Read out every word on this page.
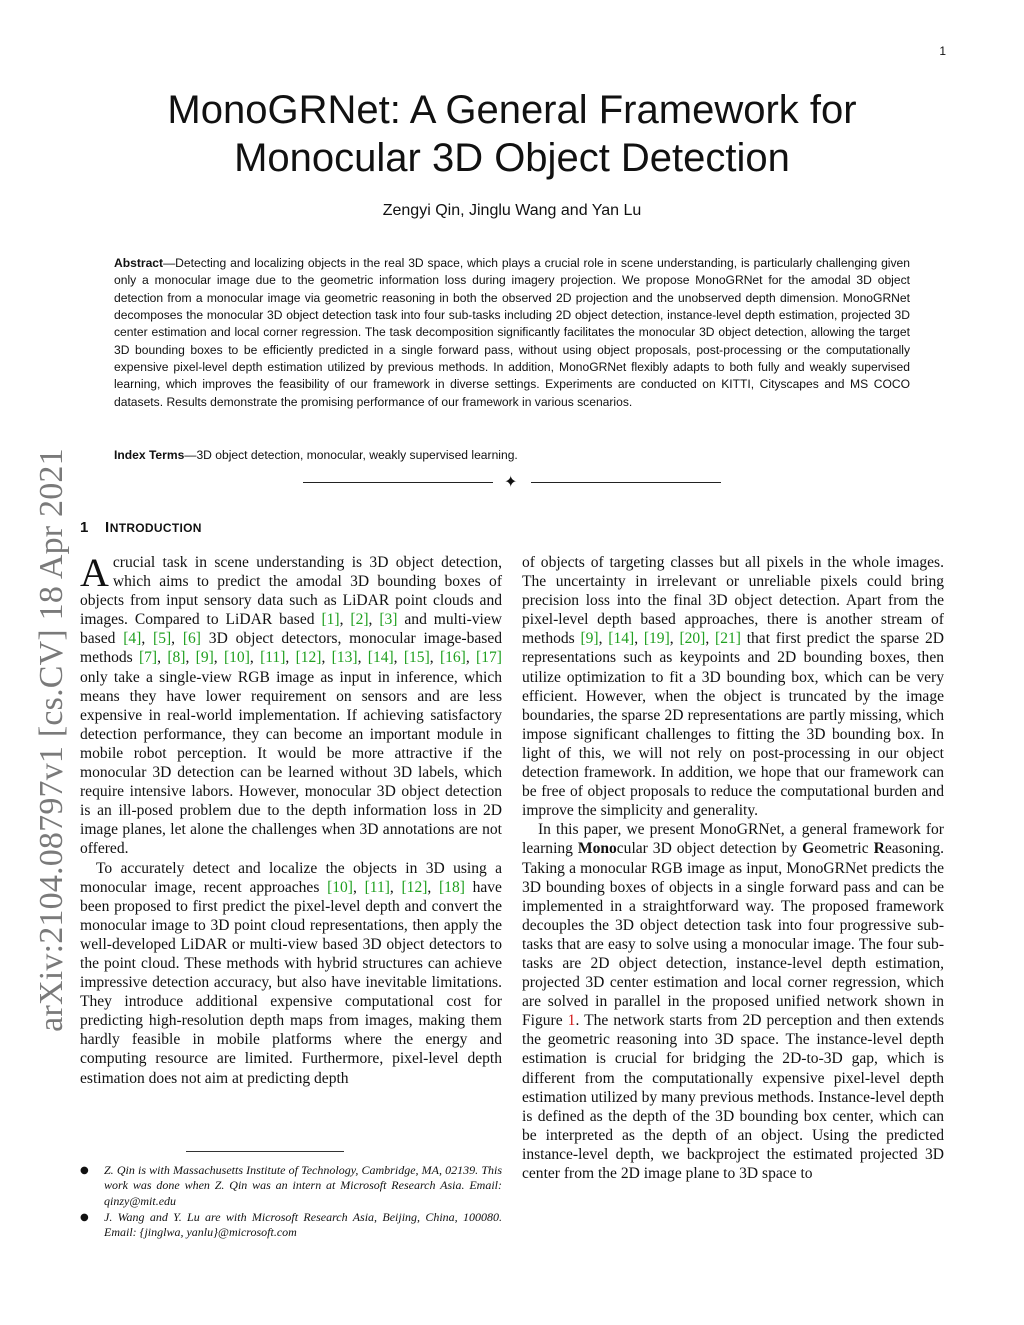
1
arXiv:2104.08797v1 [cs.CV] 18 Apr 2021
MonoGRNet: A General Framework for
Monocular 3D Object Detection
Zengyi Qin, Jinglu Wang and Yan Lu
Abstract—Detecting and localizing objects in the real 3D space, which plays a crucial role in scene understanding, is particularly challenging given only a monocular image due to the geometric information loss during imagery projection. We propose MonoGRNet for the amodal 3D object detection from a monocular image via geometric reasoning in both the observed 2D projection and the unobserved depth dimension. MonoGRNet decomposes the monocular 3D object detection task into four sub-tasks including 2D object detection, instance-level depth estimation, projected 3D center estimation and local corner regression. The task decomposition significantly facilitates the monocular 3D object detection, allowing the target 3D bounding boxes to be efficiently predicted in a single forward pass, without using object proposals, post-processing or the computationally expensive pixel-level depth estimation utilized by previous methods. In addition, MonoGRNet flexibly adapts to both fully and weakly supervised learning, which improves the feasibility of our framework in diverse settings. Experiments are conducted on KITTI, Cityscapes and MS COCO datasets. Results demonstrate the promising performance of our framework in various scenarios.
Index Terms—3D object detection, monocular, weakly supervised learning.
✦
1 INTRODUCTION

Acrucial task in scene understanding is 3D object detection, which aims to predict the amodal 3D bounding boxes of objects from input sensory data such as LiDAR point clouds and images. Compared to LiDAR based [1], [2], [3] and multi-view based [4], [5], [6] 3D object detectors, monocular image-based methods [7], [8], [9], [10], [11], [12], [13], [14], [15], [16], [17] only take a single-view RGB image as input in inference, which means they have lower requirement on sensors and are less expensive in real-world implementation. If achieving satisfactory detection performance, they can become an important module in mobile robot perception. It would be more attractive if the monocular 3D detection can be learned without 3D labels, which require intensive labors. However, monocular 3D object detection is an ill-posed problem due to the depth information loss in 2D image planes, let alone the challenges when 3D annotations are not offered.

To accurately detect and localize the objects in 3D using a monocular image, recent approaches [10], [11], [12], [18] have been proposed to first predict the pixel-level depth and convert the monocular image to 3D point cloud representations, then apply the well-developed LiDAR or multi-view based 3D object detectors to the point cloud. These methods with hybrid structures can achieve impressive detection accuracy, but also have inevitable limitations. They introduce additional expensive computational cost for predicting high-resolution depth maps from images, making them hardly feasible in mobile platforms where the energy and computing resource are limited. Furthermore, pixel-level depth estimation does not aim at predicting depth

● Z. Qin is with Massachusetts Institute of Technology, Cambridge, MA, 02139. This work was done when Z. Qin was an intern at Microsoft Research Asia. Email: qinzy@mit.edu
● J. Wang and Y. Lu are with Microsoft Research Asia, Beijing, China, 100080. Email: {jinglwa, yanlu}@microsoft.com

of objects of targeting classes but all pixels in the whole images. The uncertainty in irrelevant or unreliable pixels could bring precision loss into the final 3D object detection. Apart from the pixel-level depth based approaches, there is another stream of methods [9], [14], [19], [20], [21] that first predict the sparse 2D representations such as keypoints and 2D bounding boxes, then utilize optimization to fit a 3D bounding box, which can be very efficient. However, when the object is truncated by the image boundaries, the sparse 2D representations are partly missing, which impose significant challenges to fitting the 3D bounding box. In light of this, we will not rely on post-processing in our object detection framework. In addition, we hope that our framework can be free of object proposals to reduce the computational burden and improve the simplicity and generality.

In this paper, we present MonoGRNet, a general framework for learning Monocular 3D object detection by Geometric Reasoning. Taking a monocular RGB image as input, MonoGRNet predicts the 3D bounding boxes of objects in a single forward pass and can be implemented in a straightforward way. The proposed framework decouples the 3D object detection task into four progressive sub-tasks that are easy to solve using a monocular image. The four sub-tasks are 2D object detection, instance-level depth estimation, projected 3D center estimation and local corner regression, which are solved in parallel in the proposed unified network shown in Figure 1. The network starts from 2D perception and then extends the geometric reasoning into 3D space. The instance-level depth estimation is crucial for bridging the 2D-to-3D gap, which is different from the computationally expensive pixel-level depth estimation utilized by many previous methods. Instance-level depth is defined as the depth of the 3D bounding box center, which can be interpreted as the depth of an object. Using the predicted instance-level depth, we backproject the estimated projected 3D center from the 2D image plane to 3D space to
